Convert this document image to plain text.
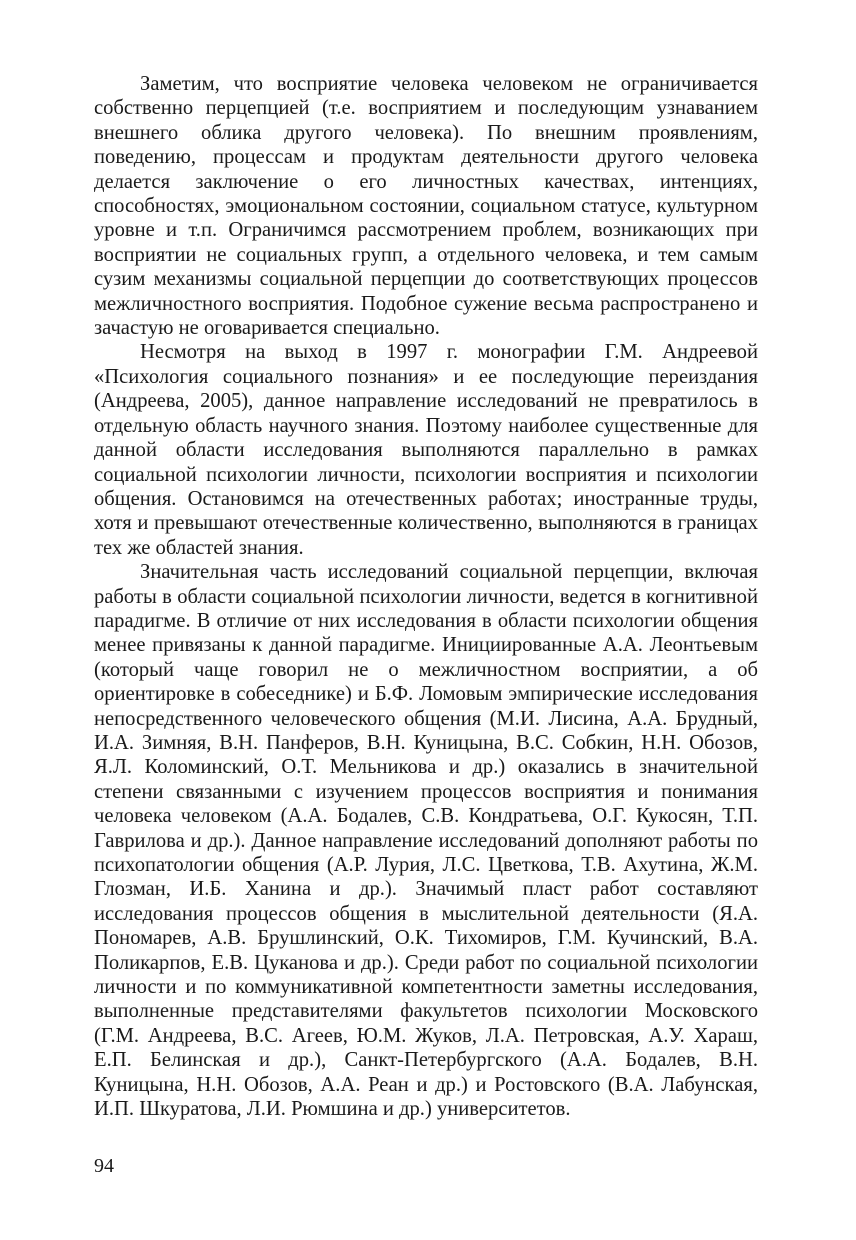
Заметим, что восприятие человека человеком не ограничивается собственно перцепцией (т.е. восприятием и последующим узнаванием внешнего облика другого человека). По внешним проявлениям, поведению, процессам и продуктам деятельности другого человека делается заключение о его личностных качествах, интенциях, способностях, эмоциональном состоянии, социальном статусе, культурном уровне и т.п. Ограничимся рассмотрением проблем, возникающих при восприятии не социальных групп, а отдельного человека, и тем самым сузим механизмы социальной перцепции до соответствующих процессов межличностного восприятия. Подобное сужение весьма распространено и зачастую не оговаривается специально.

Несмотря на выход в 1997 г. монографии Г.М. Андреевой «Психология социального познания» и ее последующие переиздания (Андреева, 2005), данное направление исследований не превратилось в отдельную область научного знания. Поэтому наиболее существенные для данной области исследования выполняются параллельно в рамках социальной психологии личности, психологии восприятия и психологии общения. Остановимся на отечественных работах; иностранные труды, хотя и превышают отечественные количественно, выполняются в границах тех же областей знания.

Значительная часть исследований социальной перцепции, включая работы в области социальной психологии личности, ведется в когнитивной парадигме. В отличие от них исследования в области психологии общения менее привязаны к данной парадигме. Инициированные А.А. Леонтьевым (который чаще говорил не о межличностном восприятии, а об ориентировке в собеседнике) и Б.Ф. Ломовым эмпирические исследования непосредственного человеческого общения (М.И. Лисина, А.А. Брудный, И.А. Зимняя, В.Н. Панферов, В.Н. Куницына, В.С. Собкин, Н.Н. Обозов, Я.Л. Коломинский, О.Т. Мельникова и др.) оказались в значительной степени связанными с изучением процессов восприятия и понимания человека человеком (А.А. Бодалев, С.В. Кондратьева, О.Г. Кукосян, Т.П. Гаврилова и др.). Данное направление исследований дополняют работы по психопатологии общения (А.Р. Лурия, Л.С. Цветкова, Т.В. Ахутина, Ж.М. Глозман, И.Б. Ханина и др.). Значимый пласт работ составляют исследования процессов общения в мыслительной деятельности (Я.А. Пономарев, А.В. Брушлинский, О.К. Тихомиров, Г.М. Кучинский, В.А. Поликарпов, Е.В. Цуканова и др.). Среди работ по социальной психологии личности и по коммуникативной компетентности заметны исследования, выполненные представителями факультетов психологии Московского (Г.М. Андреева, В.С. Агеев, Ю.М. Жуков, Л.А. Петровская, А.У. Хараш, Е.П. Белинская и др.), Санкт-Петербургского (А.А. Бодалев, В.Н. Куницына, Н.Н. Обозов, А.А. Реан и др.) и Ростовского (В.А. Лабунская, И.П. Шкуратова, Л.И. Рюмшина и др.) университетов.

94
